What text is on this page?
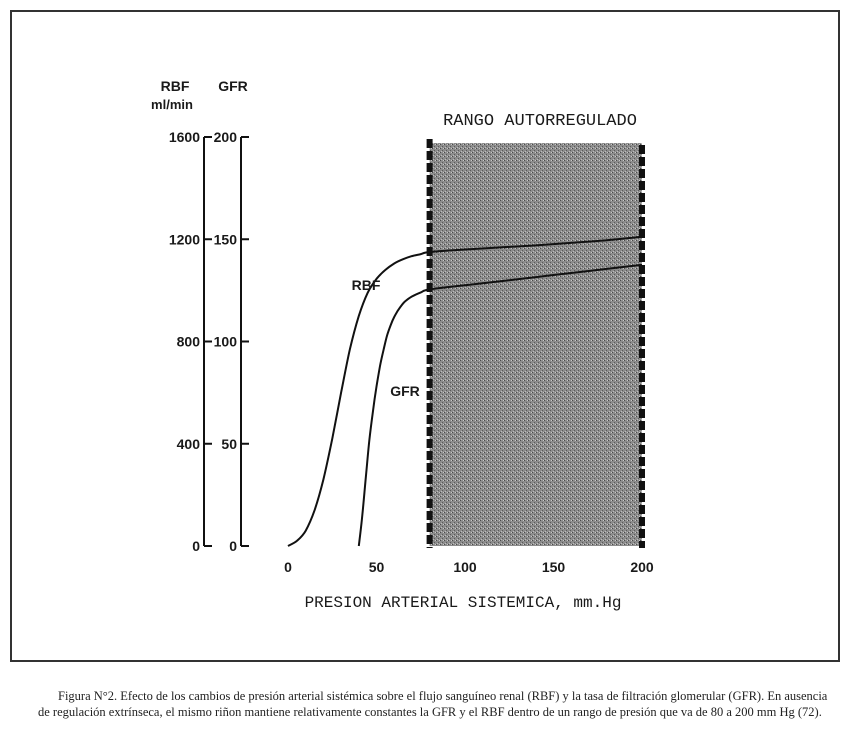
RANGO AUTORREGULADO
RBF
ml/min
GFR
0
400
800
1200
1600
0
50
100
150
200
0	50	100	150	200
RBF
GFR
PRESION ARTERIAL SISTEMICA, mm.Hg

Figura N°2. Efecto de los cambios de presión arterial sistémica sobre el flujo sanguíneo renal (RBF) y la tasa de filtración glomerular (GFR). En ausencia de regulación extrínseca, el mismo riñon mantiene relativamente constantes la GFR y el RBF dentro de un rango de presión que va de 80 a 200 mm Hg (72).
